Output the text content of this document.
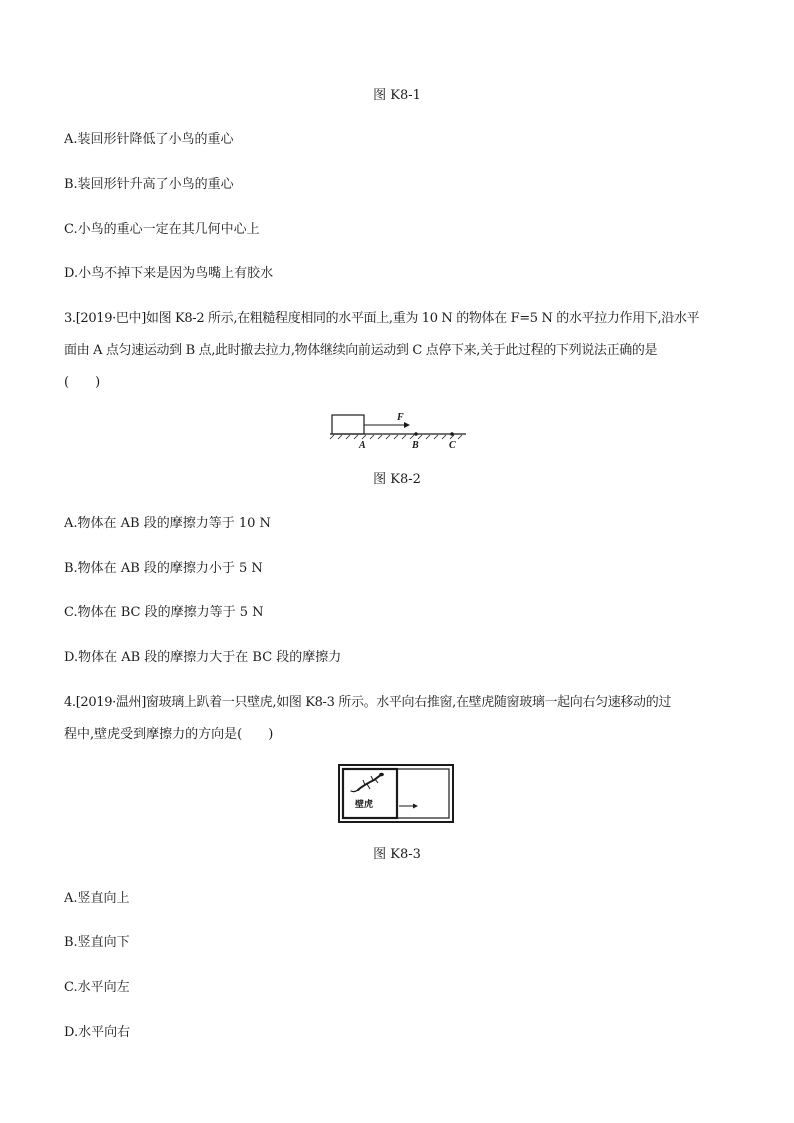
图 K8-1
A.装回形针降低了小鸟的重心
B.装回形针升高了小鸟的重心
C.小鸟的重心一定在其几何中心上
D.小鸟不掉下来是因为鸟嘴上有胶水
3.[2019·巴中]如图 K8-2 所示,在粗糙程度相同的水平面上,重为 10 N 的物体在 F=5 N 的水平拉力作用下,沿水平
面由 A 点匀速运动到 B 点,此时撤去拉力,物体继续向前运动到 C 点停下来,关于此过程的下列说法正确的是
(　　)
F
A	B	C
图 K8-2
A.物体在 AB 段的摩擦力等于 10 N
B.物体在 AB 段的摩擦力小于 5 N
C.物体在 BC 段的摩擦力等于 5 N
D.物体在 AB 段的摩擦力大于在 BC 段的摩擦力
4.[2019·温州]窗玻璃上趴着一只壁虎,如图 K8-3 所示。水平向右推窗,在壁虎随窗玻璃一起向右匀速移动的过
程中,壁虎受到摩擦力的方向是(　　)
壁虎
图 K8-3
A.竖直向上
B.竖直向下
C.水平向左
D.水平向右
